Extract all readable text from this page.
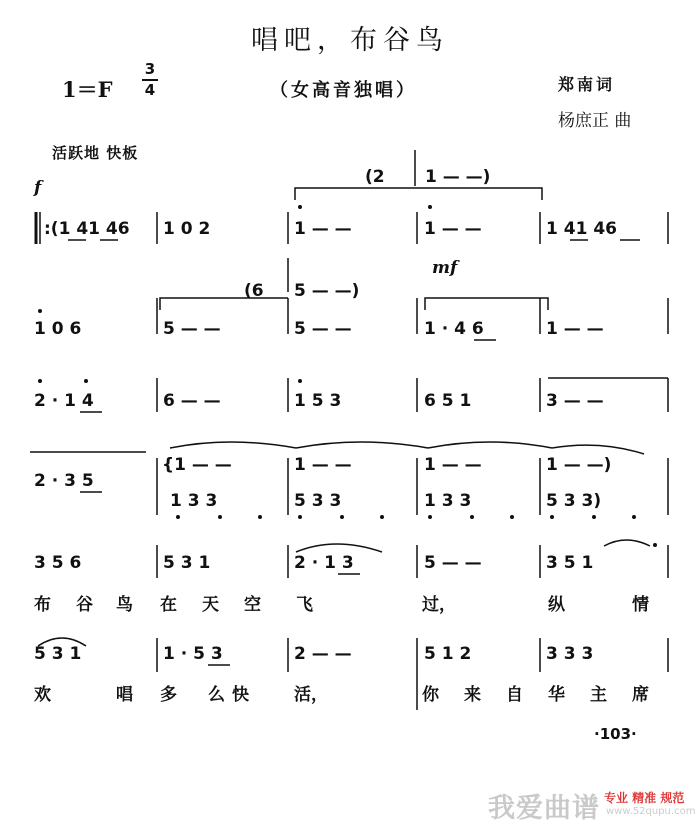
唱吧，布谷鸟
1＝F
3
4	（女高音独唱）	郑南词
杨庶正 曲
活跃地 快板
f
mf
(2 1 — —)
:(1 41 46 1 0 2	1 — —	1 — —	1 41 46
(6 5 — —)
1 0 6	5 — —	5 — —	1 · 4 6	1 — —
2 · 1 4	6 — —	1 5 3	6 5 1	3 — —
2 · 3 5
{1 — —	1 — —	1 — —	1 — —)
1 3 3	5 3 3	1 3 3	5 3 3)
3 5 6	5 3 1	2 · 1 3	5 — —	3 5 1
5 3 1	1 · 5 3	2 — —	5 1 2	3 3 3
布 谷 鸟 在 天 空 飞	过，	纵	情
欢	唱 多 么 快	活，	你 来 自 华 主 席
·103·
我爱曲谱 专业 精准 规范
www.52qupu.com
